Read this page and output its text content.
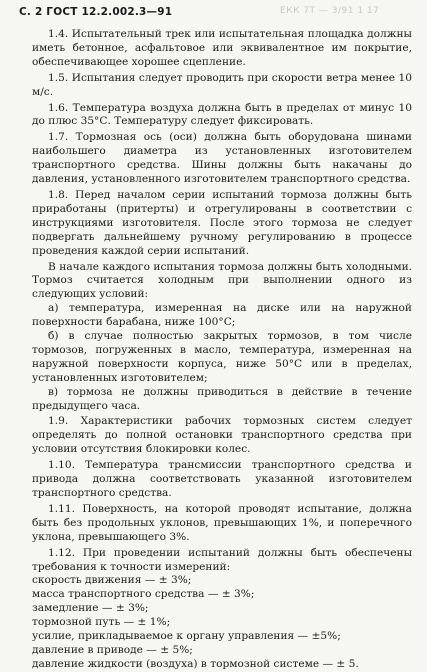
С. 2 ГОСТ 12.2.002.3—91	ЕКК 7Т — 3/91 1 17

1.4. Испытательный трек или испытательная площадка должны иметь бетонное, асфальтовое или эквивалентное им покрытие, обеспечивающее хорошее сцепление.

1.5. Испытания следует проводить при скорости ветра менее 10 м/с.

1.6. Температура воздуха должна быть в пределах от минус 10 до плюс 35°С. Температуру следует фиксировать.

1.7. Тормозная ось (оси) должна быть оборудована шинами наибольшего диаметра из установленных изготовителем транспортного средства. Шины должны быть накачаны до давления, установленного изготовителем транспортного средства.

1.8. Перед началом серии испытаний тормоза должны быть приработаны (притерты) и отрегулированы в соответствии с инструкциями изготовителя. После этого тормоза не следует подвергать дальнейшему ручному регулированию в процессе проведения каждой серии испытаний.

В начале каждого испытания тормоза должны быть холодными. Тормоз считается холодным при выполнении одного из следующих условий:

а) температура, измеренная на диске или на наружной поверхности барабана, ниже 100°С;

б) в случае полностью закрытых тормозов, в том числе тормозов, погруженных в масло, температура, измеренная на наружной поверхности корпуса, ниже 50°С или в пределах, установленных изготовителем;

в) тормоза не должны приводиться в действие в течение предыдущего часа.

1.9. Характеристики рабочих тормозных систем следует определять до полной остановки транспортного средства при условии отсутствия блокировки колес.

1.10. Температура трансмиссии транспортного средства и привода должна соответствовать указанной изготовителем транспортного средства.

1.11. Поверхность, на которой проводят испытание, должна быть без продольных уклонов, превышающих 1%, и поперечного уклона, превышающего 3%.

1.12. При проведении испытаний должны быть обеспечены требования к точности измерений:

скорость движения — ± 3%;
масса транспортного средства — ± 3%;
замедление — ± 3%;
тормозной путь — ± 1%;
усилие, прикладываемое к органу управления — ±5%;
давление в приводе — ± 5%;
давление жидкости (воздуха) в тормозной системе — ± 5.
